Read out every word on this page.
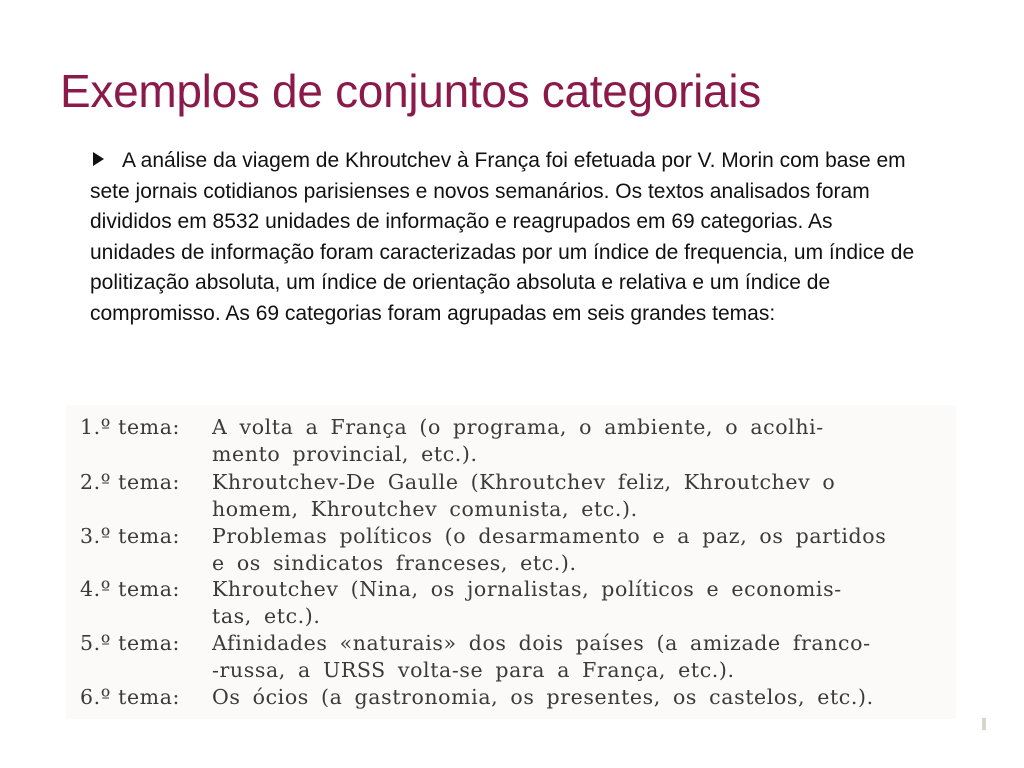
Exemplos de conjuntos categoriais

A análise da viagem de Khroutchev à França foi efetuada por V. Morin com base em sete jornais cotidianos parisienses e novos semanários. Os textos analisados foram divididos em 8532 unidades de informação e reagrupados em 69 categorias. As unidades de informação foram caracterizadas por um índice de frequencia, um índice de politização absoluta, um índice de orientação absoluta e relativa e um índice de compromisso. As 69 categorias foram agrupadas em seis grandes temas:

1.º tema:	A volta a França (o programa, o ambiente, o acolhi-
mento provincial, etc.).
2.º tema:	Khroutchev-De Gaulle (Khroutchev feliz, Khroutchev o
homem, Khroutchev comunista, etc.).
3.º tema:	Problemas políticos (o desarmamento e a paz, os partidos
e os sindicatos franceses, etc.).
4.º tema:	Khroutchev (Nina, os jornalistas, políticos e economis-
tas, etc.).
5.º tema:	Afinidades «naturais» dos dois países (a amizade franco-
-russa, a URSS volta-se para a França, etc.).
6.º tema:	Os ócios (a gastronomia, os presentes, os castelos, etc.).
